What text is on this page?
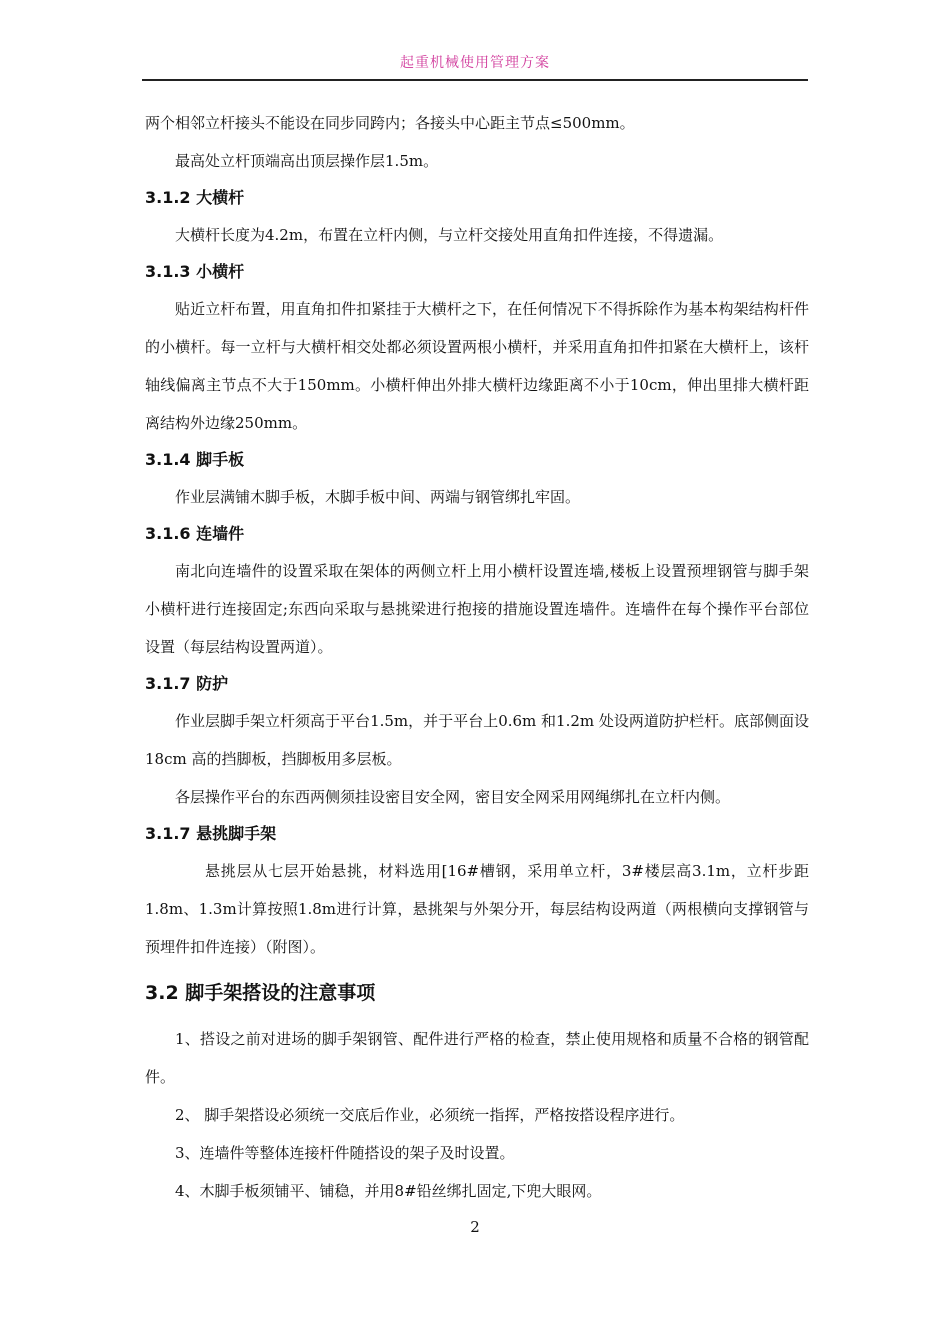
起重机械使用管理方案

两个相邻立杆接头不能设在同步同跨内；各接头中心距主节点≤500mm。

最高处立杆顶端高出顶层操作层1.5m。

3.1.2 大横杆

大横杆长度为4.2m，布置在立杆内侧，与立杆交接处用直角扣件连接，不得遗漏。

3.1.3 小横杆

贴近立杆布置，用直角扣件扣紧挂于大横杆之下，在任何情况下不得拆除作为基本构架结构杆件的小横杆。每一立杆与大横杆相交处都必须设置两根小横杆，并采用直角扣件扣紧在大横杆上，该杆轴线偏离主节点不大于150mm。小横杆伸出外排大横杆边缘距离不小于10cm，伸出里排大横杆距离结构外边缘250mm。

3.1.4 脚手板

作业层满铺木脚手板，木脚手板中间、两端与钢管绑扎牢固。

3.1.6 连墙件

南北向连墙件的设置采取在架体的两侧立杆上用小横杆设置连墙,楼板上设置预埋钢管与脚手架小横杆进行连接固定;东西向采取与悬挑梁进行抱接的措施设置连墙件。连墙件在每个操作平台部位设置（每层结构设置两道）。

3.1.7 防护

作业层脚手架立杆须高于平台1.5m，并于平台上0.6m 和1.2m 处设两道防护栏杆。底部侧面设18cm 高的挡脚板，挡脚板用多层板。

各层操作平台的东西两侧须挂设密目安全网，密目安全网采用网绳绑扎在立杆内侧。

3.1.7 悬挑脚手架

悬挑层从七层开始悬挑，材料选用[16#槽钢，采用单立杆，3#楼层高3.1m，立杆步距1.8m、1.3m计算按照1.8m进行计算，悬挑架与外架分开，每层结构设两道（两根横向支撑钢管与预埋件扣件连接）（附图）。

3.2 脚手架搭设的注意事项

1、搭设之前对进场的脚手架钢管、配件进行严格的检查，禁止使用规格和质量不合格的钢管配件。

2、 脚手架搭设必须统一交底后作业，必须统一指挥，严格按搭设程序进行。

3、连墙件等整体连接杆件随搭设的架子及时设置。

4、木脚手板须铺平、铺稳，并用8#铅丝绑扎固定,下兜大眼网。

2
